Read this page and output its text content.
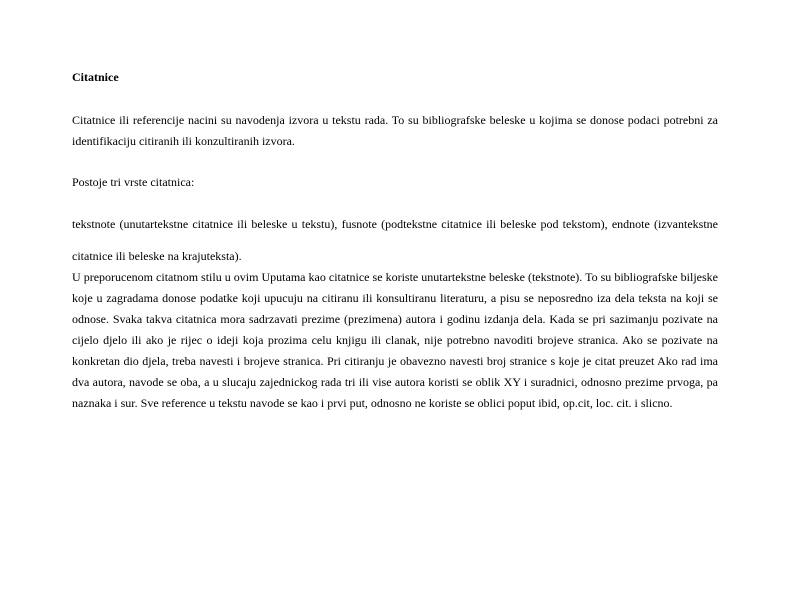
Citatnice

Citatnice ili referencije nacini su navodenja izvora u tekstu rada. To su bibliografske beleske u kojima se donose podaci potrebni za identifikaciju citiranih ili konzultiranih izvora.

Postoje tri vrste citatnica:

tekstnote (unutartekstne citatnice ili beleske u tekstu), fusnote (podtekstne citatnice ili beleske pod tekstom), endnote (izvantekstne citatnice ili beleske na krajuteksta).

U preporucenom citatnom stilu u ovim Uputama kao citatnice se koriste unutartekstne beleske (tekstnote). To su bibliografske biljeske koje u zagradama donose podatke koji upucuju na citiranu ili konsultiranu literaturu, a pisu se neposredno iza dela teksta na koji se odnose. Svaka takva citatnica mora sadrzavati prezime (prezimena) autora i godinu izdanja dela. Kada se pri sazimanju pozivate na cijelo djelo ili ako je rijec o ideji koja prozima celu knjigu ili clanak, nije potrebno navoditi brojeve stranica. Ako se pozivate na konkretan dio djela, treba navesti i brojeve stranica. Pri citiranju je obavezno navesti broj stranice s koje je citat preuzet Ako rad ima dva autora, navode se oba, a u slucaju zajednickog rada tri ili vise autora koristi se oblik XY i suradnici, odnosno prezime prvoga, pa naznaka i sur. Sve reference u tekstu navode se kao i prvi put, odnosno ne koriste se oblici poput ibid, op.cit, loc. cit. i slicno.
